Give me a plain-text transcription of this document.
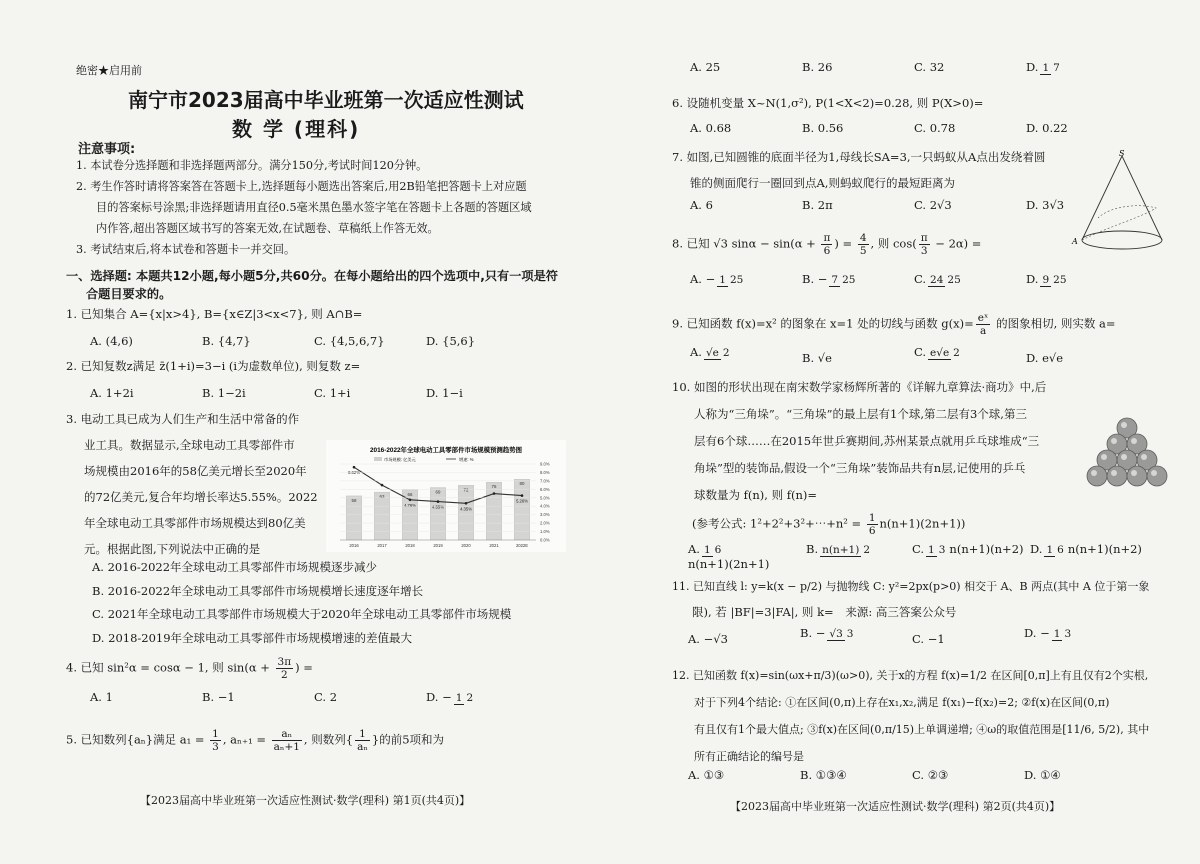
绝密★启用前
南宁市2023届高中毕业班第一次适应性测试
数 学 (理科)
注意事项:
1. 本试卷分选择题和非选择题两部分。满分150分,考试时间120分钟。
2. 考生作答时请将答案答在答题卡上,选择题每小题选出答案后,用2B铅笔把答题卡上对应题
目的答案标号涂黑;非选择题请用直径0.5毫米黑色墨水签字笔在答题卡上各题的答题区域
内作答,超出答题区域书写的答案无效,在试题卷、草稿纸上作答无效。
3. 考试结束后,将本试卷和答题卡一并交回。
一、选择题: 本题共12小题,每小题5分,共60分。在每小题给出的四个选项中,只有一项是符
合题目要求的。
1. 已知集合 A={x|x>4}, B={x∈Z|3<x<7}, 则 A∩B=
A. (4,6)	B. {4,7}	C. {4,5,6,7}	D. {5,6}
2. 已知复数z满足 z̄(1+i)=3−i (i为虚数单位), 则复数 z=
A. 1+2i	B. 1−2i	C. 1+i	D. 1−i
3. 电动工具已成为人们生产和生活中常备的作
业工具。数据显示,全球电动工具零部件市
场规模由2016年的58亿美元增长至2020年
的72亿美元,复合年均增长率达5.55%。2022
年全球电动工具零部件市场规模达到80亿美
元。根据此图,下列说法中正确的是
2016-2022年全球电动工具零部件市场规模预测趋势图
市场规模: 亿美元	增速: %
58
63	66	69	72
76
80
8.62%
4.76%	4.55%	4.35%
5.26%
9.0%
8.0%
7.0%
6.0%
5.0%
4.0%
3.0%
2.0%
1.0%
0.0%
2016	2017	2018	2019	2020	2021	2022E
A. 2016-2022年全球电动工具零部件市场规模逐步减少
B. 2016-2022年全球电动工具零部件市场规模增长速度逐年增长
C. 2021年全球电动工具零部件市场规模大于2020年全球电动工具零部件市场规模
D. 2018-2019年全球电动工具零部件市场规模增速的差值最大
4. 已知 sin²α = cosα − 1, 则 $\sin(\alpha + \frac{3\pi}{2}$ ) =
A. 1	B. −1	C. 2	D. − 1 2
5. 已知数列{aₙ}满足 $a_1 = \frac{1}{3}$ , $a_{n+1} = \frac{\text{aₙ}}{\text{aₙ+1}}$ , 则数列{ $\frac{1}{\text{aₙ}}$ }的前5项和为
【2023届高中毕业班第一次适应性测试·数学(理科) 第1页(共4页)】
A. 25	B. 26	C. 32	D.1 7
6. 设随机变量 X~N(1,σ²), P(1<X<2)=0.28, 则 P(X>0)=
A. 0.68	B. 0.56	C. 0.78	D. 0.22
7. 如图,已知圆锥的底面半径为1,母线长SA=3,一只蚂蚁从A点出发绕着圆
锥的侧面爬行一圈回到点A,则蚂蚁爬行的最短距离为
A. 6	B. 2π	C. 2√3	D. 3√3
S
A
8. 已知 √3 $\sin\alpha - \sin(\alpha + \frac{\pi}{6}$ ) = $\frac{4}{5}$ , 则 $\cos( \frac{\pi}{3} - 2\alpha)$ =
A. − 1 25	B. − 7 25	C.24 25	D.9 25
9. 已知函数 f(x)=x² 的图象在 x=1 处的切线与函数 $g(x)= \frac{\text{eˣ}}{a}$ 的图象相切, 则实数 a=
A.√e 2	B. √e	C.e√e 2	D. e√e
10. 如图的形状出现在南宋数学家杨辉所著的《详解九章算法·商功》中,后
人称为“三角垛”。“三角垛”的最上层有1个球,第二层有3个球,第三
层有6个球……在2015年世乒赛期间,苏州某景点就用乒乓球堆成“三
角垛”型的装饰品,假设一个“三角垛”装饰品共有n层,记使用的乒乓
球数量为 f(n), 则 f(n)=
(参考公式: 1²+2²+3²+⋯+n² = $\frac{1}{6} n(n+1)(2n+1)$)
A.1 6n(n+1)(2n+1)
B.n(n+1) 2	C.1 3 n(n+1)(n+2) D.1 6 n(n+1)(n+2)
11. 已知直线 l: y=k(x − p/2) 与抛物线 C: y²=2px(p>0) 相交于 A、B 两点(其中 A 位于第一象
限), 若 |BF|=3|FA|, 则 k= 来源: 高三答案公众号
A. −√3	B. − √3 3	C. −1	D. − 1 3
12. 已知函数 f(x)=sin(ωx+π/3)(ω>0), 关于x的方程 f(x)=1/2 在区间[0,π]上有且仅有2个实根,
对于下列4个结论: ①在区间(0,π)上存在x₁,x₂,满足 f(x₁)−f(x₂)=2; ②f(x)在区间(0,π)
有且仅有1个最大值点; ③f(x)在区间(0,π/15)上单调递增; ④ω的取值范围是[11/6, 5/2), 其中
所有正确结论的编号是
A. ①③	B. ①③④	C. ②③	D. ①④
【2023届高中毕业班第一次适应性测试·数学(理科) 第2页(共4页)】
